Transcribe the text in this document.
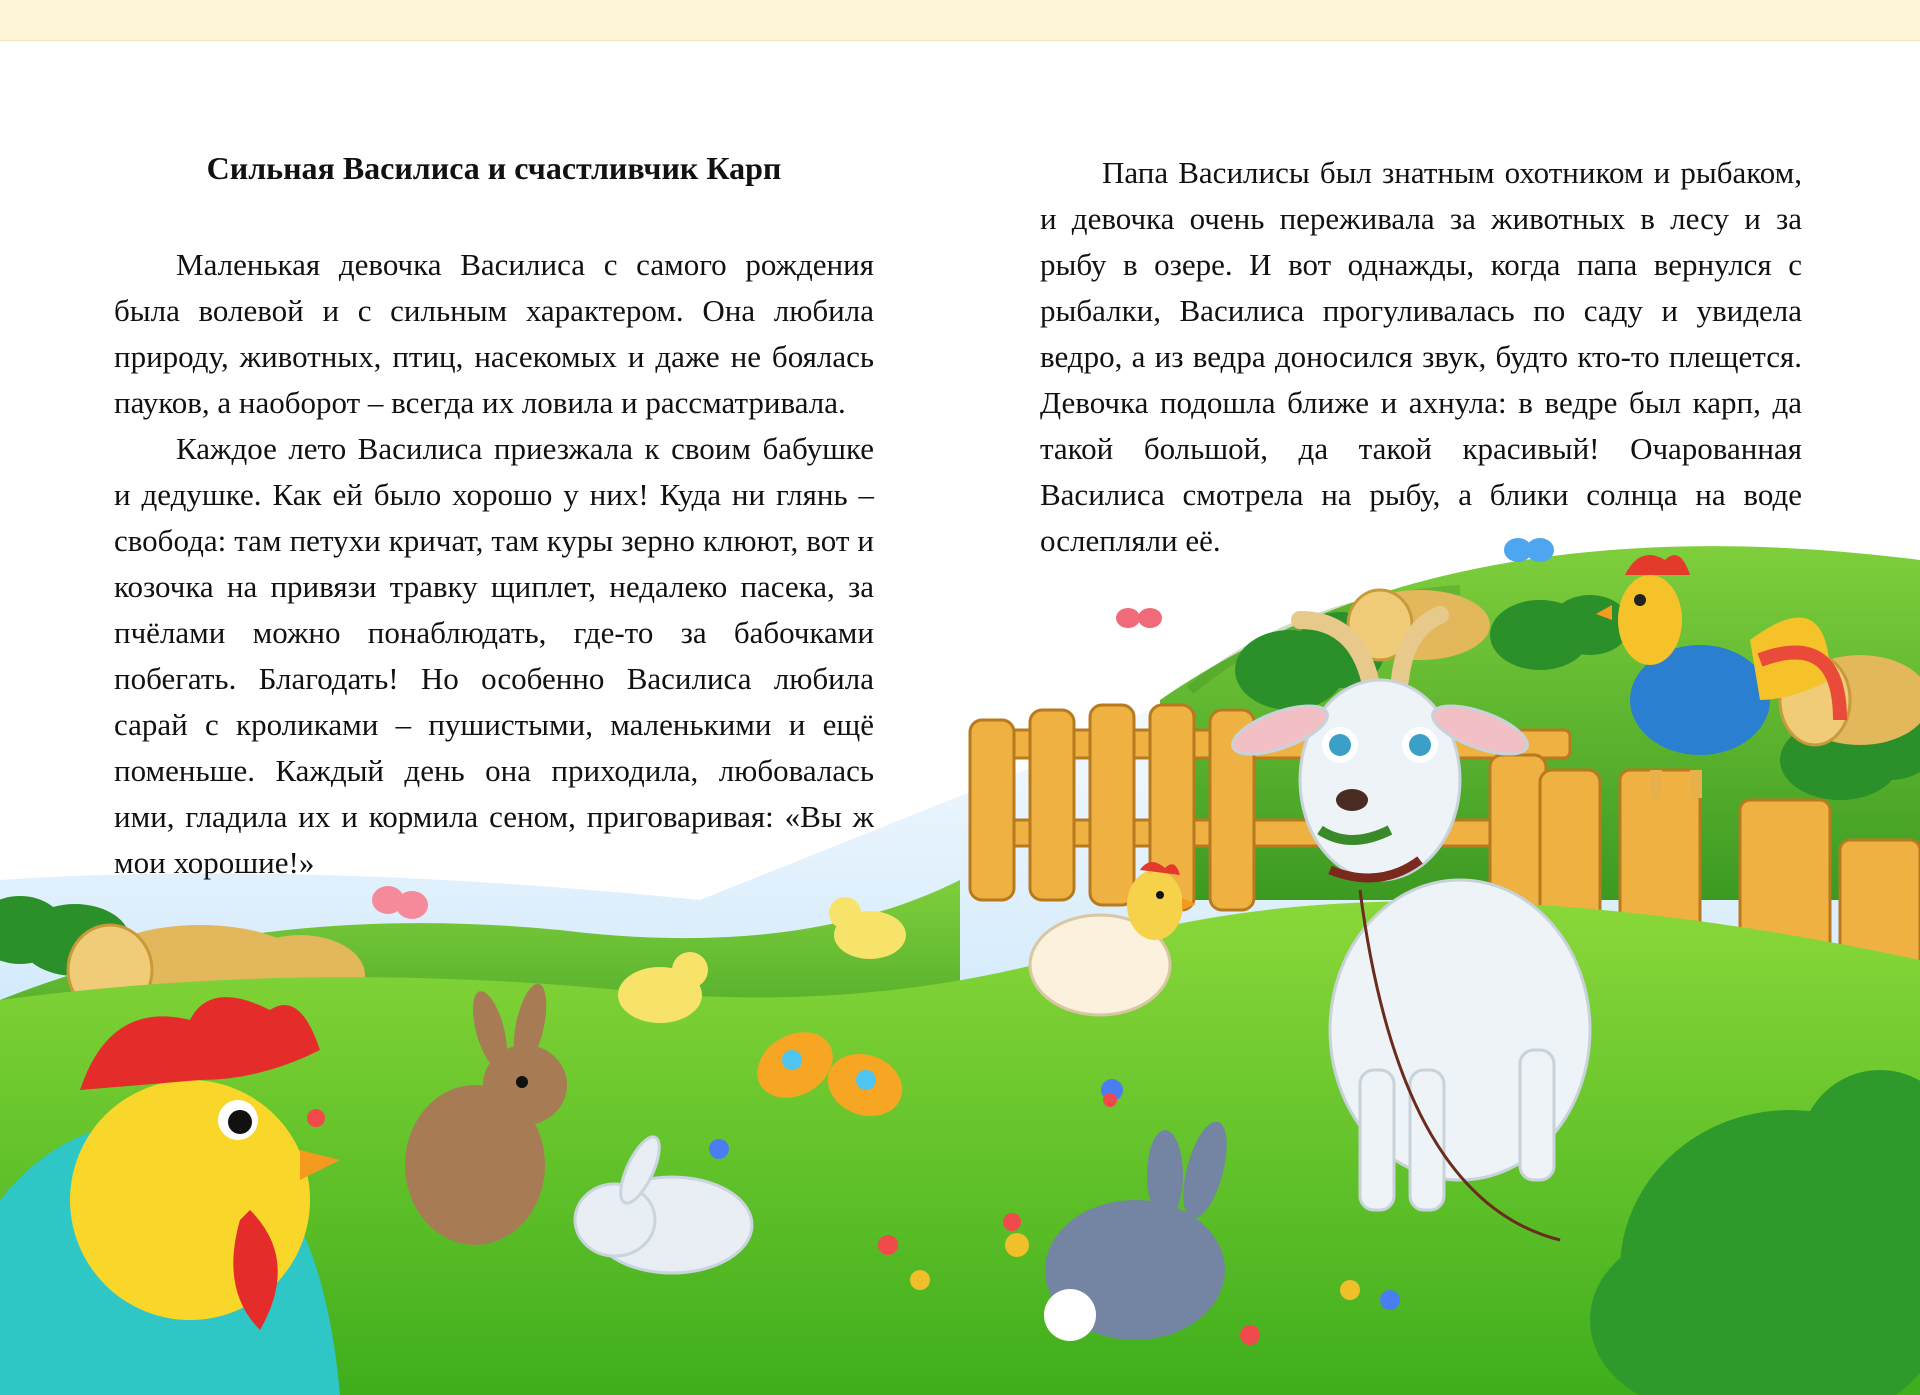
Сильная Василиса и счастливчик Карп

Маленькая девочка Василиса с самого рождения была волевой и с сильным характером. Она любила природу, животных, птиц, насекомых и даже не боялась пауков, а наоборот – всегда их ловила и рассматривала.

Каждое лето Василиса приезжала к своим бабушке и дедушке. Как ей было хорошо у них! Куда ни глянь – свобода: там петухи кричат, там куры зерно клюют, вот и козочка на привязи травку щиплет, недалеко пасека, за пчёлами можно понаблюдать, где-то за бабочками побегать. Благодать! Но особенно Василиса любила сарай с кроликами – пушистыми, маленькими и ещё поменьше. Каждый день она приходила, любовалась ими, гладила их и кормила сеном, приговаривая: «Вы ж мои хорошие!»

Папа Василисы был знатным охотником и рыбаком, и девочка очень переживала за животных в лесу и за рыбу в озере. И вот однажды, когда папа вернулся с рыбалки, Василиса прогуливалась по саду и увидела ведро, а из ведра доносился звук, будто кто-то плещется. Девочка подошла ближе и ахнула: в ведре был карп, да такой большой, да такой красивый! Очарованная Василиса смотрела на рыбу, а блики солнца на воде ослепляли её.
